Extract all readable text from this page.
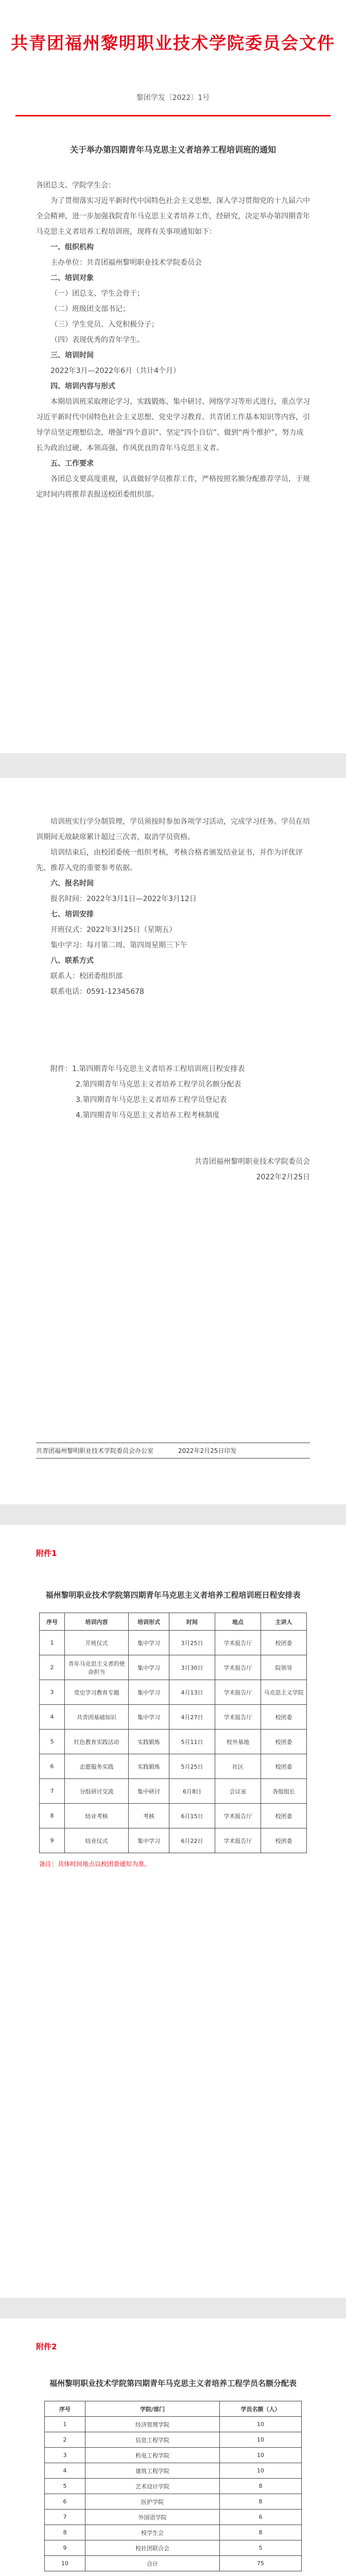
共青团福州黎明职业技术学院委员会文件
黎团学发〔2022〕1号
关于举办第四期青年马克思主义者培养工程培训班的通知

各团总支、学院学生会：

为了贯彻落实习近平新时代中国特色社会主义思想，深入学习贯彻党的十九届六中全会精神，进一步加强我院青年马克思主义者培养工作，经研究，决定举办第四期青年马克思主义者培养工程培训班，现将有关事项通知如下：

一、组织机构

主办单位：共青团福州黎明职业技术学院委员会

二、培训对象

（一）团总支、学生会骨干；

（二）班级团支部书记；

（三）学生党员、入党积极分子；

（四）表现优秀的青年学生。

三、培训时间

2022年3月—2022年6月（共计4个月）

四、培训内容与形式

本期培训班采取理论学习、实践锻炼、集中研讨、网络学习等形式进行，重点学习习近平新时代中国特色社会主义思想、党史学习教育、共青团工作基本知识等内容，引导学员坚定理想信念，增强“四个意识”、坚定“四个自信”、做到“两个维护”，努力成长为政治过硬、本领高强、作风优良的青年马克思主义者。

五、工作要求

各团总支要高度重视，认真做好学员推荐工作，严格按照名额分配推荐学员，于规定时间内将推荐表报送校团委组织部。

培训班实行学分制管理，学员须按时参加各项学习活动，完成学习任务。学员在培训期间无故缺席累计超过三次者，取消学员资格。

培训结束后，由校团委统一组织考核，考核合格者颁发结业证书，并作为评优评先、推荐入党的重要参考依据。

六、报名时间

报名时间：2022年3月1日—2022年3月12日

七、培训安排

开班仪式：2022年3月25日（星期五）

集中学习：每月第二周、第四周星期三下午

八、联系方式

联系人：校团委组织部

联系电话：0591-12345678

附件：1.第四期青年马克思主义者培养工程培训班日程安排表

2.第四期青年马克思主义者培养工程学员名额分配表

3.第四期青年马克思主义者培养工程学员登记表

4.第四期青年马克思主义者培养工程考核制度

共青团福州黎明职业技术学院委员会

2022年2月25日

共青团福州黎明职业技术学院委员会办公室　　　　2022年2月25日印发
附件1
福州黎明职业技术学院第四期青年马克思主义者培养工程培训班日程安排表
序号	培训内容	培训形式	时间	地点	主讲人
1	开班仪式	集中学习	3月25日	学术报告厅	校团委
2	青年马克思主义者的使命担当	集中学习	3月30日	学术报告厅	院领导
3	党史学习教育专题	集中学习	4月13日	学术报告厅	马克思主义学院
4	共青团基础知识	集中学习	4月27日	学术报告厅	校团委
5	红色教育实践活动	实践锻炼	5月11日	校外基地	校团委
6	志愿服务实践	实践锻炼	5月25日	社区	校团委
7	分组研讨交流	集中研讨	6月8日	会议室	各组组长
8	结业考核	考核	6月15日	学术报告厅	校团委
9	结业仪式	集中学习	6月22日	学术报告厅	校团委
备注：具体时间地点以校团委通知为准。
附件2
福州黎明职业技术学院第四期青年马克思主义者培养工程学员名额分配表
序号	学院/部门	学员名额（人）
1	经济管理学院	10
2	信息工程学院	10
3	机电工程学院	10
4	建筑工程学院	10
5	艺术设计学院	8
6	医护学院	8
7	外国语学院	6
8	校学生会	8
9	校社团联合会	5
10	合计	75
